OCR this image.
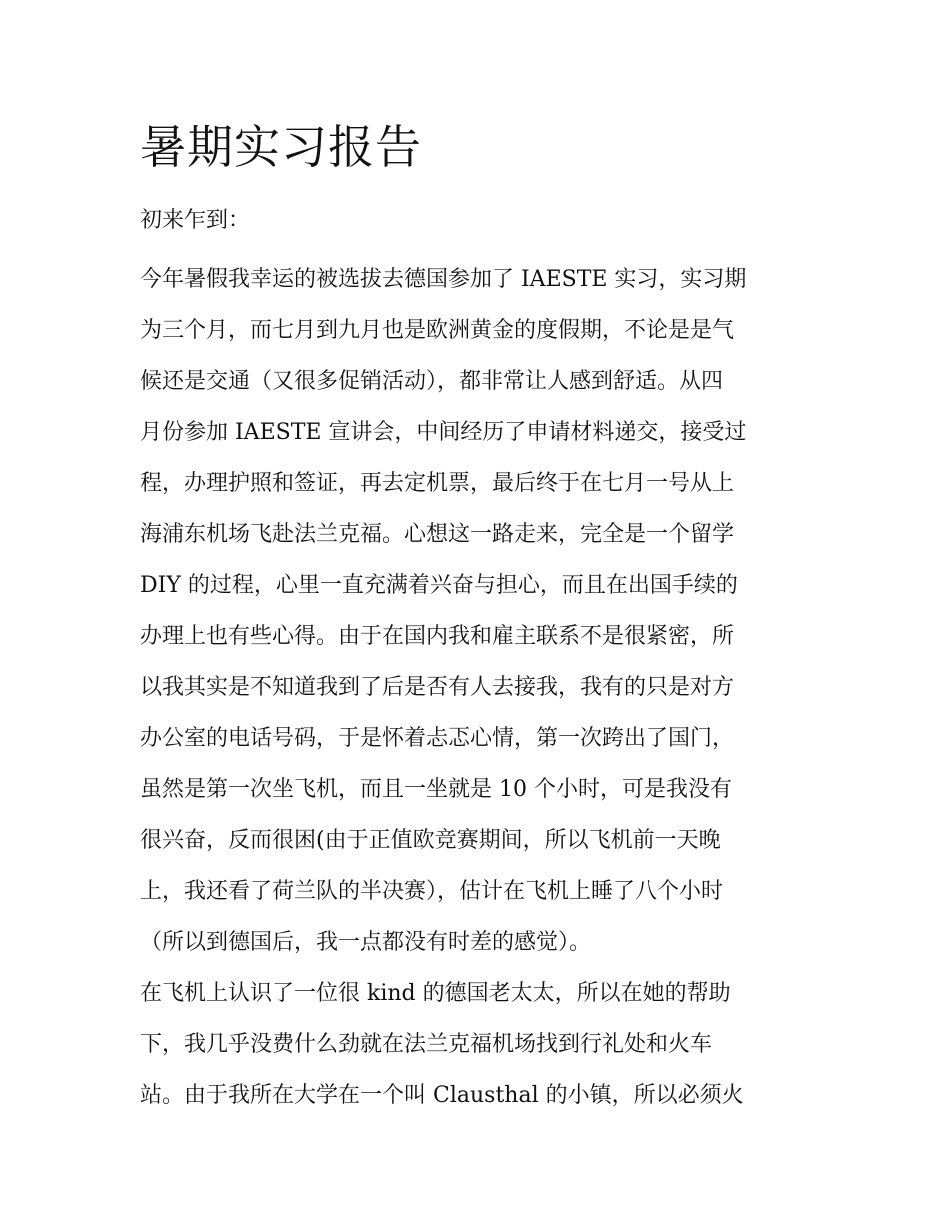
暑期实习报告
初来乍到：
今年暑假我幸运的被选拔去德国参加了 IAESTE 实习，实习期
为三个月，而七月到九月也是欧洲黄金的度假期，不论是是气
候还是交通（又很多促销活动），都非常让人感到舒适。从四
月份参加 IAESTE 宣讲会，中间经历了申请材料递交，接受过
程，办理护照和签证，再去定机票，最后终于在七月一号从上
海浦东机场飞赴法兰克福。心想这一路走来，完全是一个留学
DIY 的过程，心里一直充满着兴奋与担心，而且在出国手续的
办理上也有些心得。由于在国内我和雇主联系不是很紧密，所
以我其实是不知道我到了后是否有人去接我，我有的只是对方
办公室的电话号码，于是怀着忐忑心情，第一次跨出了国门，
虽然是第一次坐飞机，而且一坐就是 10 个小时，可是我没有
很兴奋，反而很困(由于正值欧竞赛期间，所以飞机前一天晚
上，我还看了荷兰队的半决赛），估计在飞机上睡了八个小时
（所以到德国后，我一点都没有时差的感觉）。
在飞机上认识了一位很 kind 的德国老太太，所以在她的帮助
下，我几乎没费什么劲就在法兰克福机场找到行礼处和火车
站。由于我所在大学在一个叫 Clausthal 的小镇，所以必须火
